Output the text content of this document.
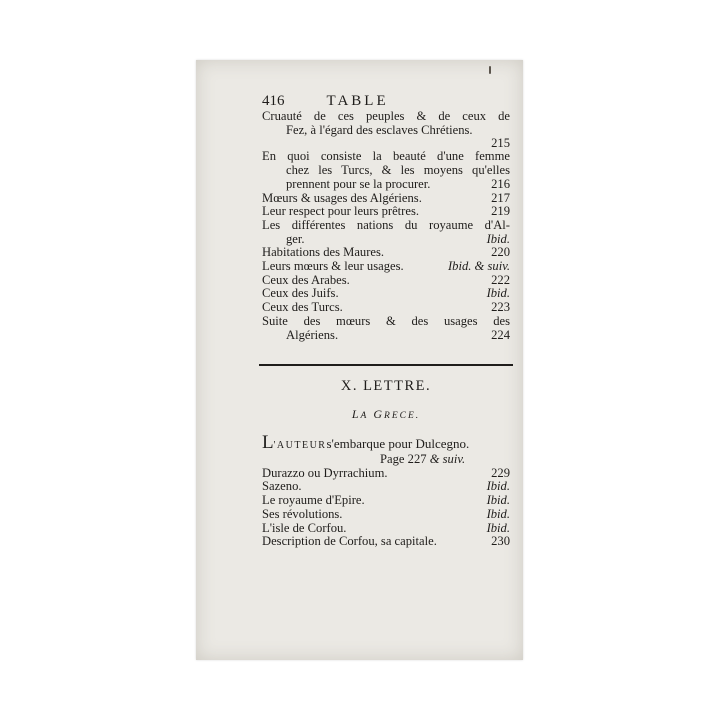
416	TABLE
Cruauté de ces peuples & de ceux de
Fez, à l'égard des esclaves Chrétiens.
215
En quoi consiste la beauté d'une femme
chez les Turcs, & les moyens qu'elles
prennent pour se la procurer.	216
Mœurs & usages des Algériens.	217
Leur respect pour leurs prêtres.	219
Les différentes nations du royaume d'Al-
ger.	Ibid.
Habitations des Maures.	220
Leurs mœurs & leur usages.	Ibid. & suiv.
Ceux des Arabes.	222
Ceux des Juifs.	Ibid.
Ceux des Turcs.	223
Suite des mœurs & des usages des
Algériens.	224
X. LETTRE.
LA GRECE.
L'AUTEURs'embarque pour Dulcegno.
Page 227 & suiv.
Durazzo ou Dyrrachium.	229
Sazeno.	Ibid.
Le royaume d'Epire.	Ibid.
Ses révolutions.	Ibid.
L'isle de Corfou.	Ibid.
Description de Corfou, sa capitale.	230
